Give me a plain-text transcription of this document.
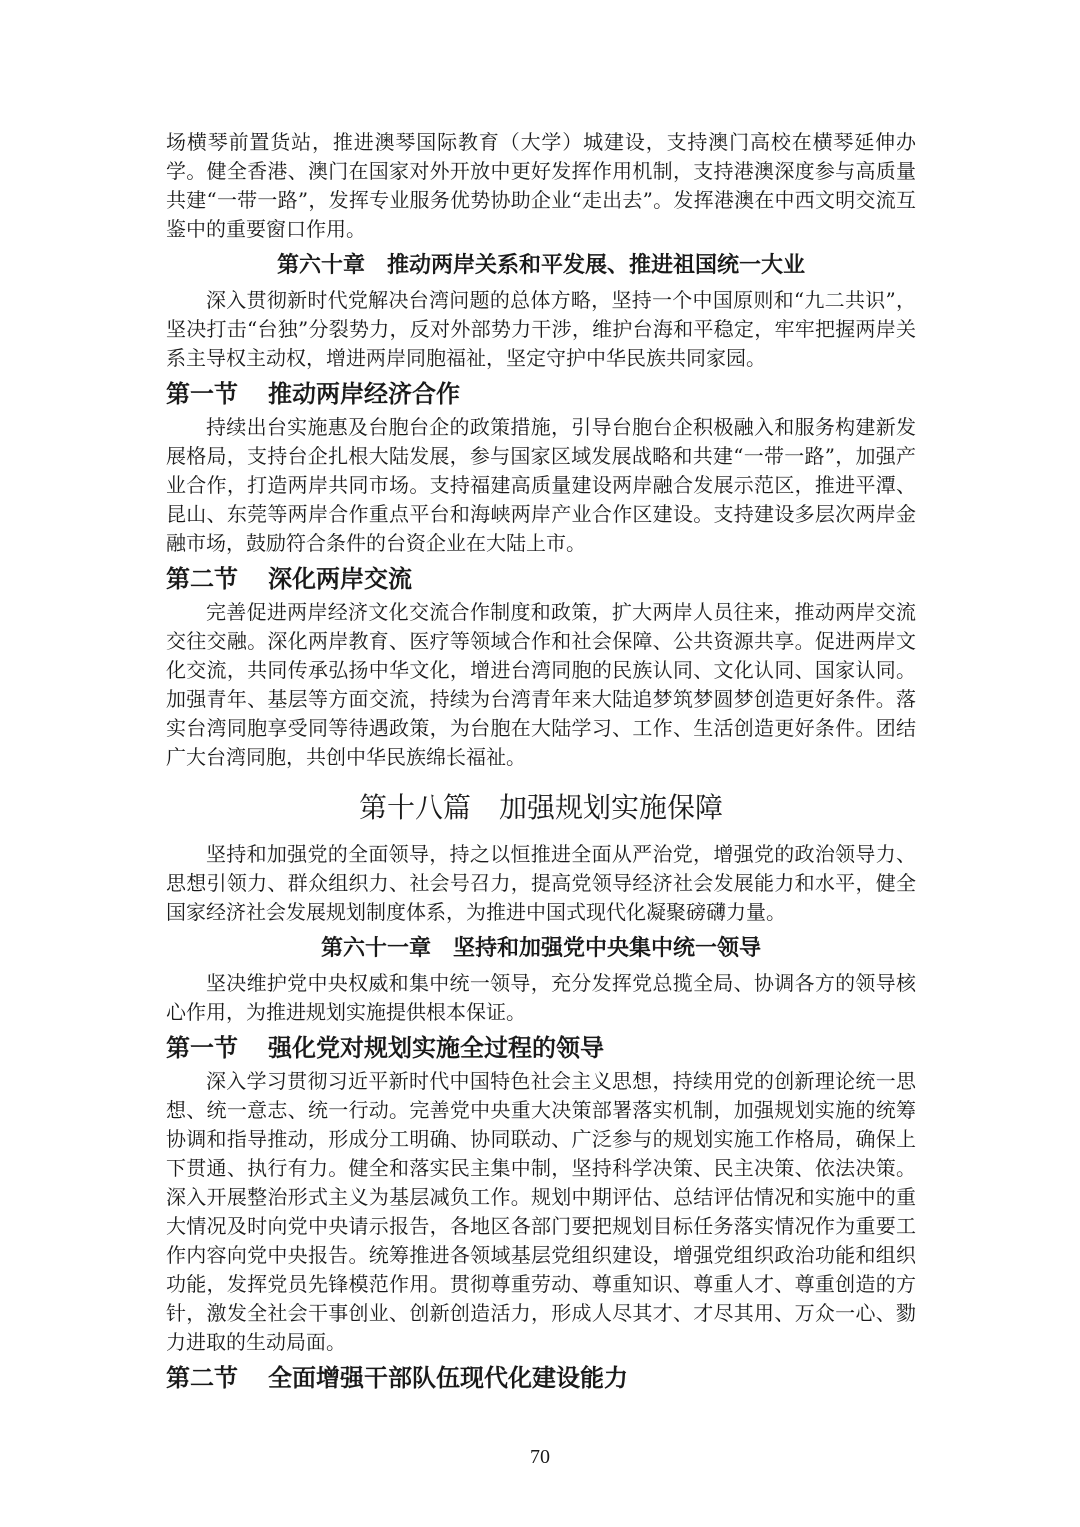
场横琴前置货站，推进澳琴国际教育（大学）城建设，支持澳门高校在横琴延伸办学。健全香港、澳门在国家对外开放中更好发挥作用机制，支持港澳深度参与高质量共建“一带一路”，发挥专业服务优势协助企业“走出去”。发挥港澳在中西文明交流互鉴中的重要窗口作用。

第六十章　推动两岸关系和平发展、推进祖国统一大业

深入贯彻新时代党解决台湾问题的总体方略，坚持一个中国原则和“九二共识”，坚决打击“台独”分裂势力，反对外部势力干涉，维护台海和平稳定，牢牢把握两岸关系主导权主动权，增进两岸同胞福祉，坚定守护中华民族共同家园。

第一节 推动两岸经济合作

持续出台实施惠及台胞台企的政策措施，引导台胞台企积极融入和服务构建新发展格局，支持台企扎根大陆发展，参与国家区域发展战略和共建“一带一路”，加强产业合作，打造两岸共同市场。支持福建高质量建设两岸融合发展示范区，推进平潭、昆山、东莞等两岸合作重点平台和海峡两岸产业合作区建设。支持建设多层次两岸金融市场，鼓励符合条件的台资企业在大陆上市。

第二节 深化两岸交流

完善促进两岸经济文化交流合作制度和政策，扩大两岸人员往来，推动两岸交流交往交融。深化两岸教育、医疗等领域合作和社会保障、公共资源共享。促进两岸文化交流，共同传承弘扬中华文化，增进台湾同胞的民族认同、文化认同、国家认同。加强青年、基层等方面交流，持续为台湾青年来大陆追梦筑梦圆梦创造更好条件。落实台湾同胞享受同等待遇政策，为台胞在大陆学习、工作、生活创造更好条件。团结广大台湾同胞，共创中华民族绵长福祉。

第十八篇　加强规划实施保障

坚持和加强党的全面领导，持之以恒推进全面从严治党，增强党的政治领导力、思想引领力、群众组织力、社会号召力，提高党领导经济社会发展能力和水平，健全国家经济社会发展规划制度体系，为推进中国式现代化凝聚磅礴力量。

第六十一章　坚持和加强党中央集中统一领导

坚决维护党中央权威和集中统一领导，充分发挥党总揽全局、协调各方的领导核心作用，为推进规划实施提供根本保证。

第一节 强化党对规划实施全过程的领导

深入学习贯彻习近平新时代中国特色社会主义思想，持续用党的创新理论统一思想、统一意志、统一行动。完善党中央重大决策部署落实机制，加强规划实施的统筹协调和指导推动，形成分工明确、协同联动、广泛参与的规划实施工作格局，确保上下贯通、执行有力。健全和落实民主集中制，坚持科学决策、民主决策、依法决策。深入开展整治形式主义为基层减负工作。规划中期评估、总结评估情况和实施中的重大情况及时向党中央请示报告，各地区各部门要把规划目标任务落实情况作为重要工作内容向党中央报告。统筹推进各领域基层党组织建设，增强党组织政治功能和组织功能，发挥党员先锋模范作用。贯彻尊重劳动、尊重知识、尊重人才、尊重创造的方针，激发全社会干事创业、创新创造活力，形成人尽其才、才尽其用、万众一心、勠力进取的生动局面。

第二节 全面增强干部队伍现代化建设能力
70
